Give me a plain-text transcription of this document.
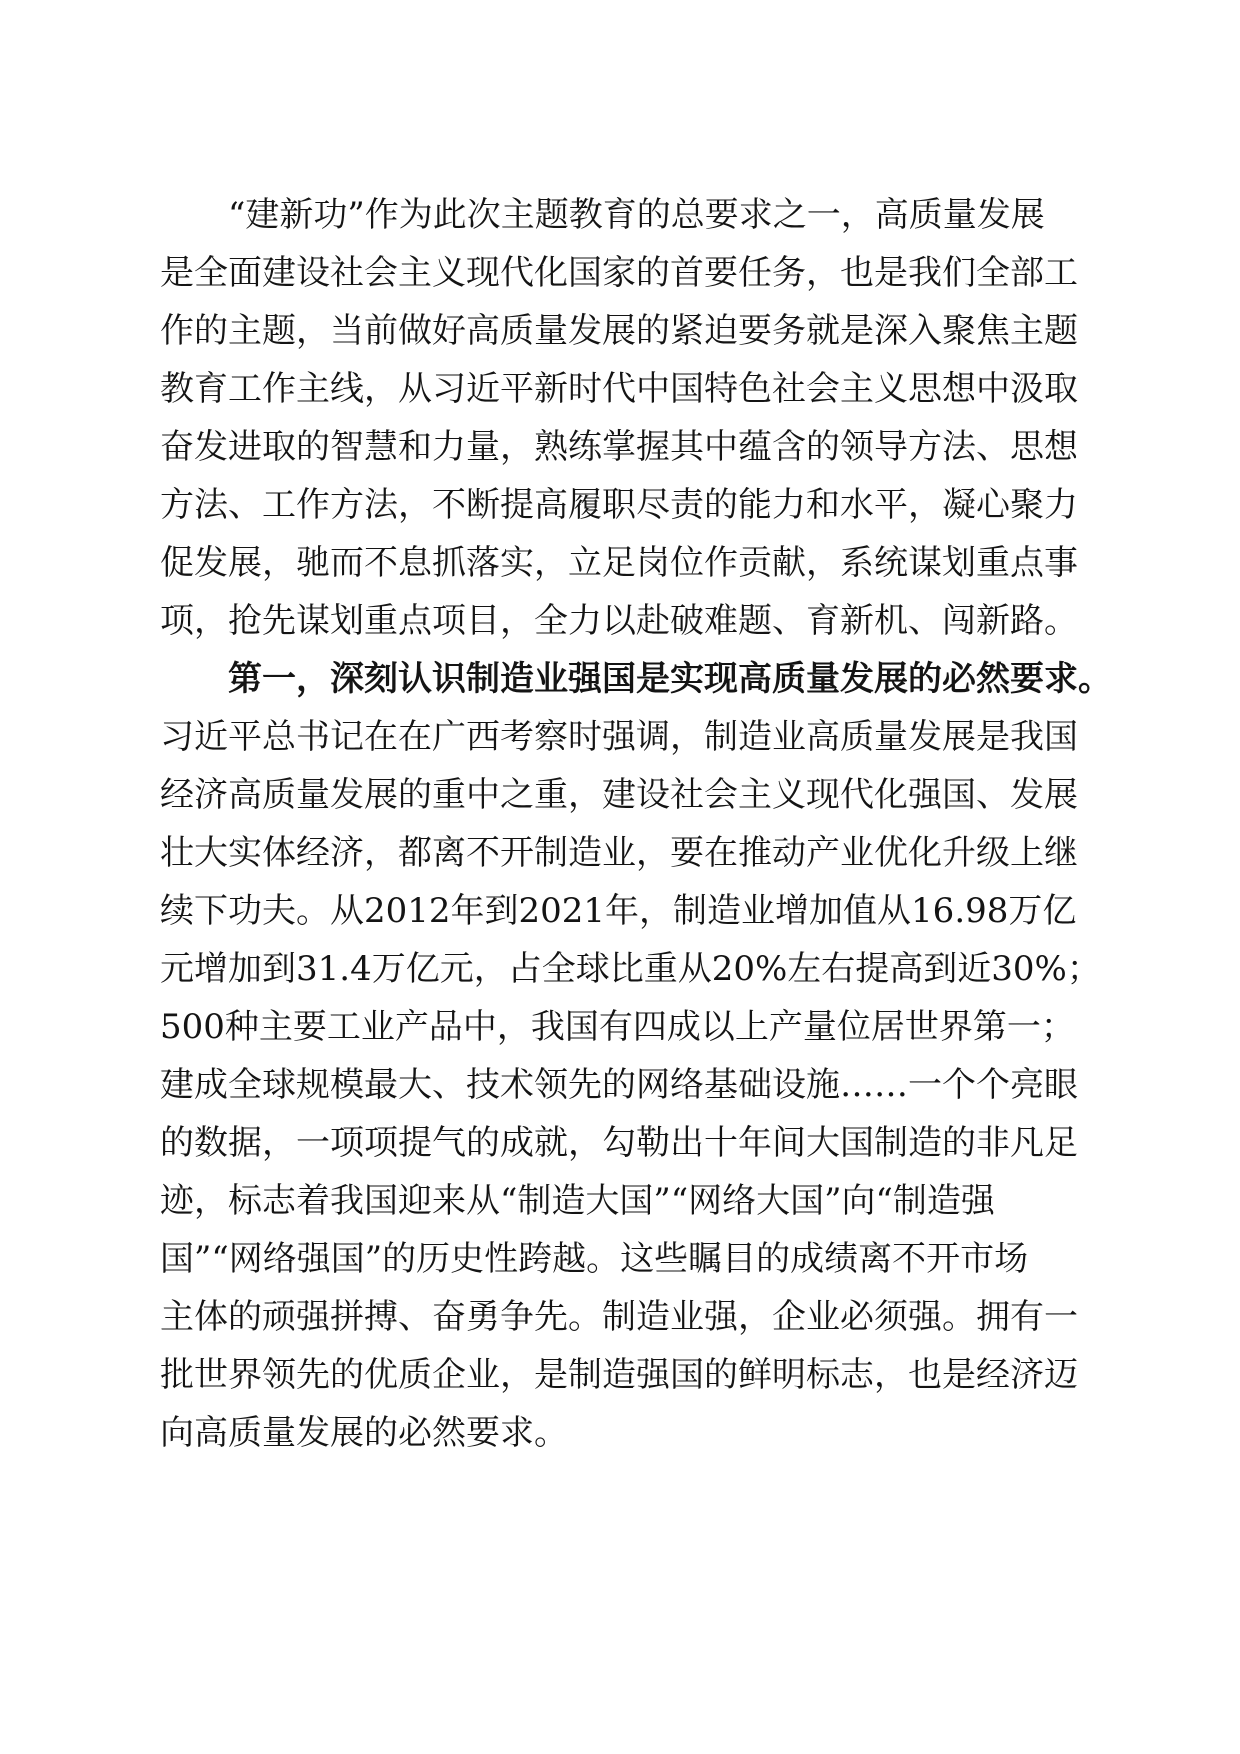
“建新功”作为此次主题教育的总要求之一，高质量发展
是全面建设社会主义现代化国家的首要任务，也是我们全部工
作的主题，当前做好高质量发展的紧迫要务就是深入聚焦主题
教育工作主线，从习近平新时代中国特色社会主义思想中汲取
奋发进取的智慧和力量，熟练掌握其中蕴含的领导方法、思想
方法、工作方法，不断提高履职尽责的能力和水平，凝心聚力
促发展，驰而不息抓落实，立足岗位作贡献，系统谋划重点事
项，抢先谋划重点项目，全力以赴破难题、育新机、闯新路。
第一，深刻认识制造业强国是实现高质量发展的必然要求。
习近平总书记在在广西考察时强调，制造业高质量发展是我国
经济高质量发展的重中之重，建设社会主义现代化强国、发展
壮大实体经济，都离不开制造业，要在推动产业优化升级上继
续下功夫。从2012年到2021年，制造业增加值从16.98万亿
元增加到31.4万亿元，占全球比重从20%左右提高到近30%；
500种主要工业产品中，我国有四成以上产量位居世界第一；
建成全球规模最大、技术领先的网络基础设施……一个个亮眼
的数据，一项项提气的成就，勾勒出十年间大国制造的非凡足
迹，标志着我国迎来从“制造大国”“网络大国”向“制造强
国”“网络强国”的历史性跨越。这些瞩目的成绩离不开市场
主体的顽强拼搏、奋勇争先。制造业强，企业必须强。拥有一
批世界领先的优质企业，是制造强国的鲜明标志，也是经济迈
向高质量发展的必然要求。
